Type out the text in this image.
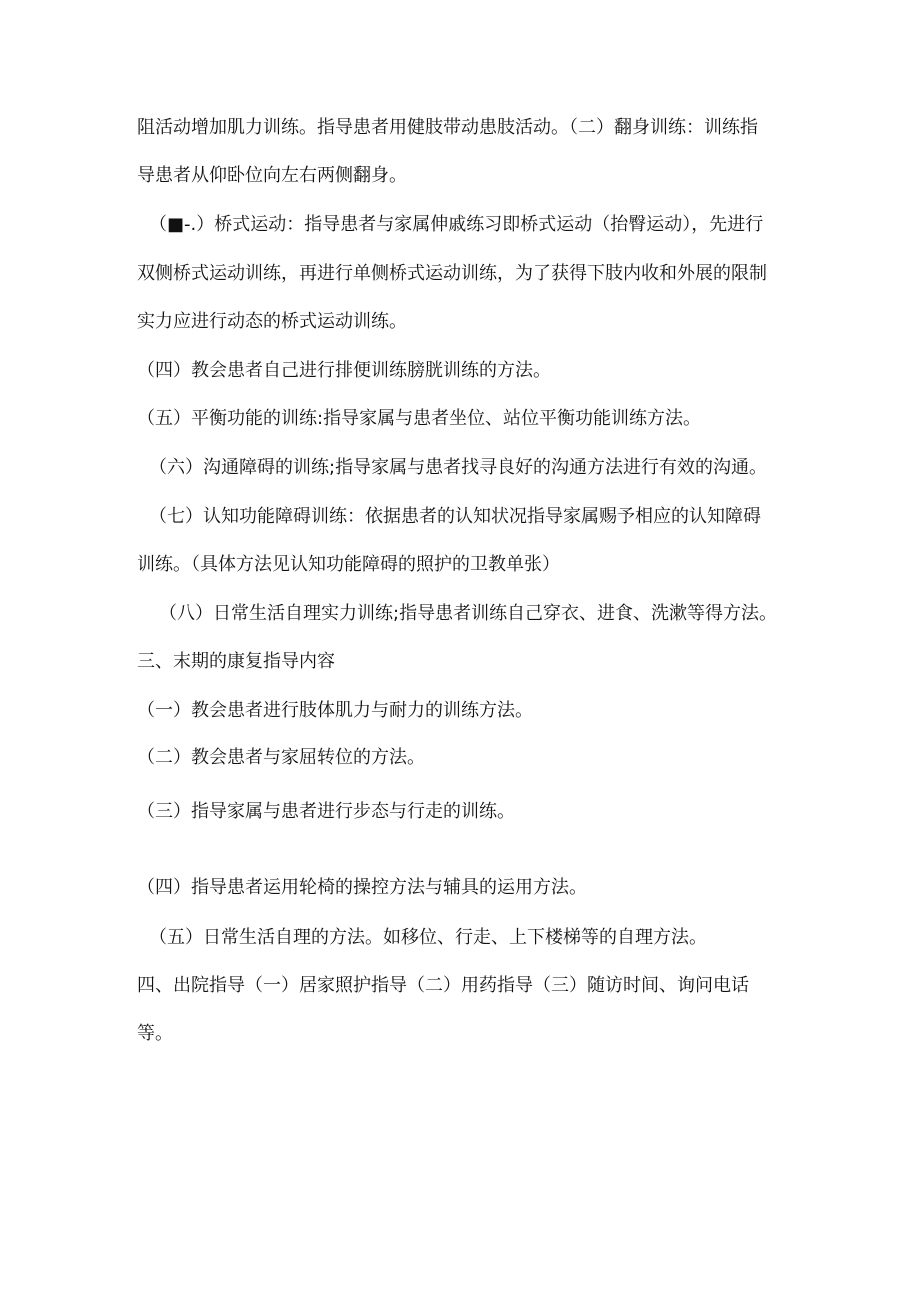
阻活动增加肌力训练。指导患者用健肢带动患肢活动。（二）翻身训练：训练指
导患者从仰卧位向左右两侧翻身。
（■-.）桥式运动：指导患者与家属伸戚练习即桥式运动（抬臀运动），先进行
双侧桥式运动训练，再进行单侧桥式运动训练，为了获得下肢内收和外展的限制
实力应进行动态的桥式运动训练。
（四）教会患者自己进行排便训练膀胱训练的方法。
（五）平衡功能的训练:指导家属与患者坐位、站位平衡功能训练方法。
（六）沟通障碍的训练;指导家属与患者找寻良好的沟通方法进行有效的沟通。
（七）认知功能障碍训练：依据患者的认知状况指导家属赐予相应的认知障碍
训练。（具体方法见认知功能障碍的照护的卫教单张）
（八）日常生活自理实力训练;指导患者训练自己穿衣、进食、洗漱等得方法。
三、末期的康复指导内容
（一）教会患者进行肢体肌力与耐力的训练方法。
（二）教会患者与家屈转位的方法。
（三）指导家属与患者进行步态与行走的训练。
（四）指导患者运用轮椅的操控方法与辅具的运用方法。
（五）日常生活自理的方法。如移位、行走、上下楼梯等的自理方法。
四、出院指导（一）居家照护指导（二）用药指导（三）随访时间、询问电话
等。
